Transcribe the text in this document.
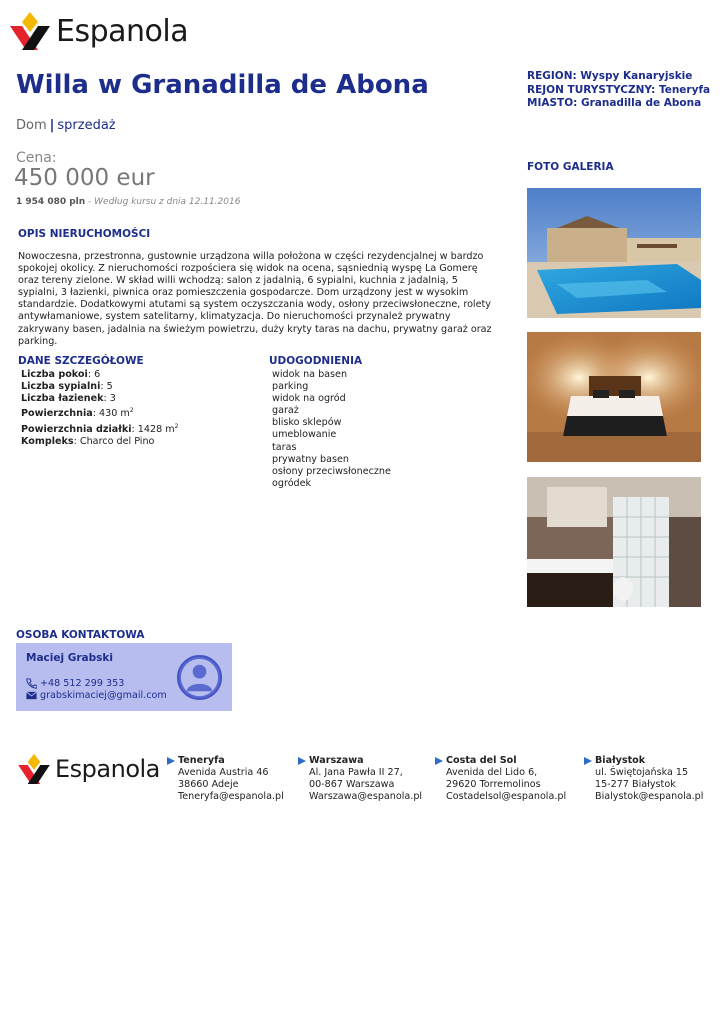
Espanola
Willa w Granadilla de Abona
Dom | sprzedaż
Cena:
450 000 eur
1 954 080 pln - Według kursu z dnia 12.11.2016
OPIS NIERUCHOMOŚCI
Nowoczesna, przestronna, gustownie urządzona willa położona w części rezydencjalnej w bardzo spokojej okolicy. Z nieruchomości rozpościera się widok na ocena, sąsniednią wyspę La Gomerę oraz tereny zielone. W skład willi wchodzą: salon z jadalnią, 6 sypialni, kuchnia z jadalnią, 5 sypialni, 3 łazienki, piwnica oraz pomieszczenia gospodarcze. Dom urządzony jest w wysokim standardzie. Dodatkowymi atutami są system oczyszczania wody, osłony przeciwsłoneczne, rolety antywłamaniowe, system satelitarny, klimatyzacja. Do nieruchomości przynależ prywatny zakrywany basen, jadalnia na świeżym powietrzu, duży kryty taras na dachu, prywatny garaż oraz parking.
DANE SZCZEGÓŁOWE
Liczba pokoi: 6
Liczba sypialni: 5
Liczba łazienek: 3
Powierzchnia: 430 $m^2$
Powierzchnia działki: 1428 $m^2$
Kompleks: Charco del Pino
UDOGODNIENIA
widok na basen
parking
widok na ogród
garaż
blisko sklepów
umeblowanie
taras
prywatny basen
osłony przeciwsłoneczne
ogródek
REGION: Wyspy Kanaryjskie
REJON TURYSTYCZNY: Teneryfa
MIASTO: Granadilla de Abona
FOTO GALERIA
OSOBA KONTAKTOWA
Maciej Grabski
+48 512 299 353
grabskimaciej@gmail.com
Espanola Teneryfa
Avenida Austria 46
38660 Adeje
Teneryfa@espanola.pl
Warszawa
Al. Jana Pawła II 27,
00-867 Warszawa
Warszawa@espanola.pl
Costa del Sol
Avenida del Lido 6,
29620 Torremolinos
Costadelsol@espanola.pl
Białystok
ul. Świętojańska 15
15-277 Białystok
Bialystok@espanola.pl
